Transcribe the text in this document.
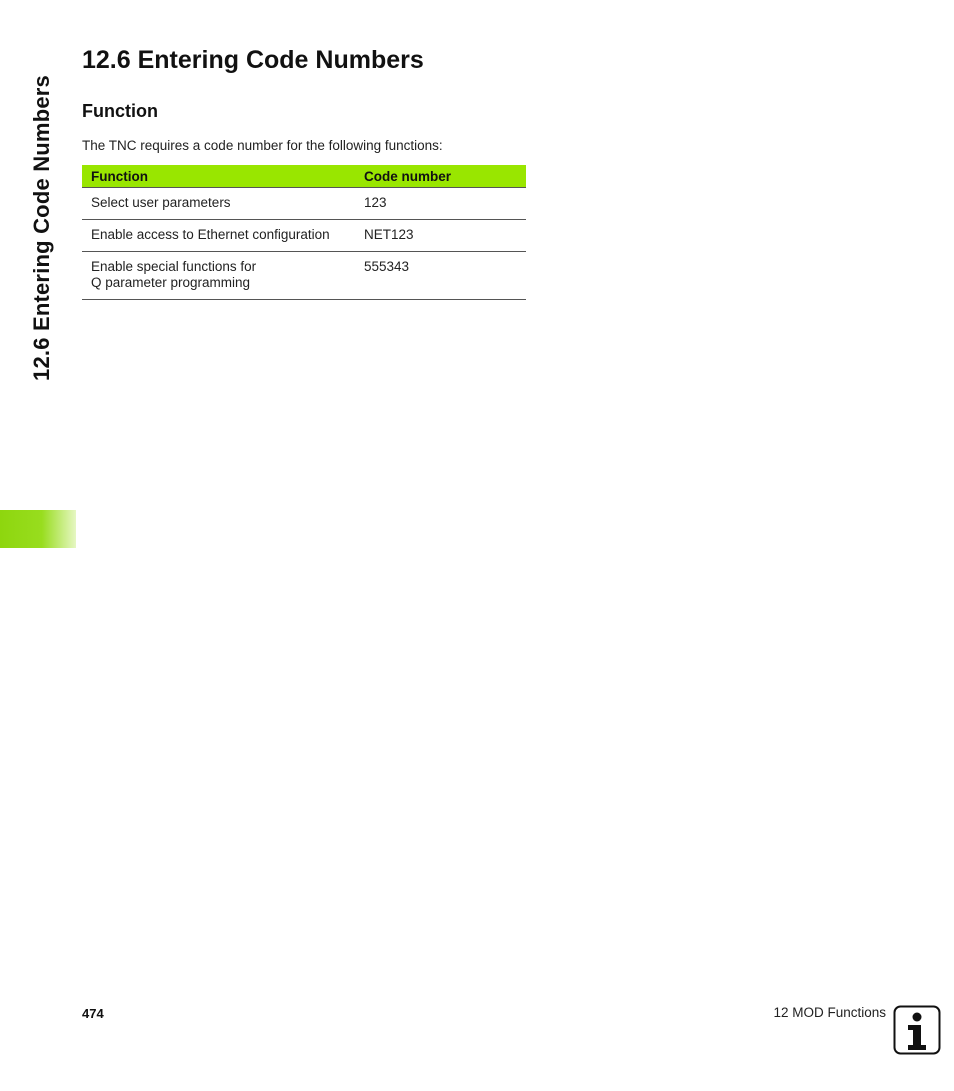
12.6 Entering Code Numbers
12.6 Entering Code Numbers
Function

The TNC requires a code number for the following functions:

Function	Code number
Select user parameters	123
Enable access to Ethernet configuration	NET123
Enable special functions for
Q parameter programming	555343
474	12 MOD Functions
